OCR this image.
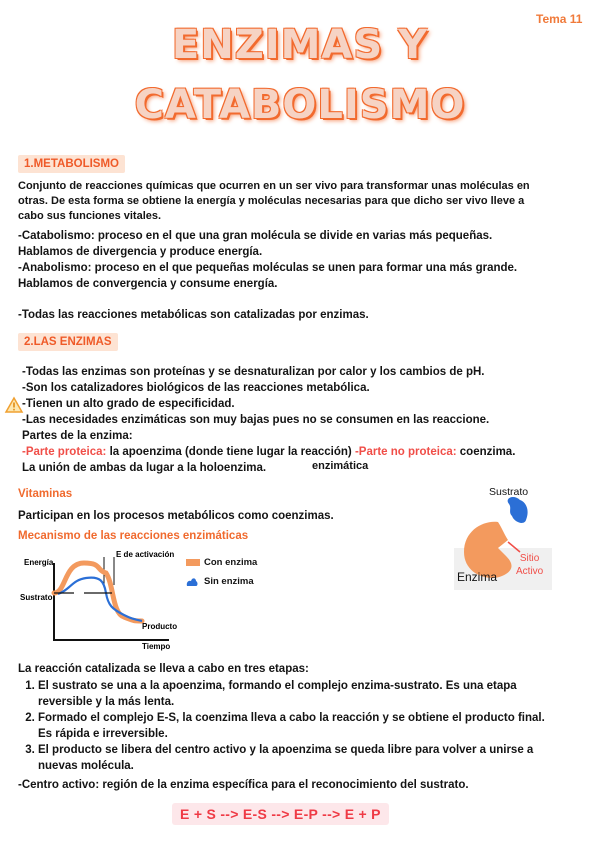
Tema 11
ENZIMAS Y
CATABOLISMO
1.METABOLISMO
Conjunto de reacciones químicas que ocurren en un ser vivo para transformar unas moléculas en
otras. De esta forma se obtiene la energía y moléculas necesarias para que dicho ser vivo lleve a
cabo sus funciones vitales.
-Catabolismo: proceso en el que una gran molécula se divide en varias más pequeñas.
Hablamos de divergencia y produce energía.
-Anabolismo: proceso en el que pequeñas moléculas se unen para formar una más grande.
Hablamos de convergencia y consume energía.
-Todas las reacciones metabólicas son catalizadas por enzimas.
2.LAS ENZIMAS
-Todas las enzimas son proteínas y se desnaturalizan por calor y los cambios de pH.
-Son los catalizadores biológicos de las reacciones metabólica.
-Tienen un alto grado de especificidad.
-Las necesidades enzimáticas son muy bajas pues no se consumen en las reaccione.
Partes de la enzima:
-Parte proteica: la apoenzima (donde tiene lugar la reacción) -Parte no proteica: coenzima.
La unión de ambas da lugar a la holoenzima.	enzimática
Vitaminas
Participan en los procesos metabólicos como coenzimas.
Mecanismo de las reacciones enzimáticas
Energía
E de activación
Sustrato
Producto
Tiempo
Con enzima
Sin enzima
Sustrato
Enzima
Sitio
Activo
La reacción catalizada se lleva a cabo en tres etapas:
1. El sustrato se una a la apoenzima, formando el complejo enzima-sustrato. Es una etapa
reversible y la más lenta.
2. Formado el complejo E-S, la coenzima lleva a cabo la reacción y se obtiene el producto final.
Es rápida e irreversible.
3. El producto se libera del centro activo y la apoenzima se queda libre para volver a unirse a
nuevas molécula.
-Centro activo: región de la enzima específica para el reconocimiento del sustrato.
E + S --> E-S --> E-P --> E + P
